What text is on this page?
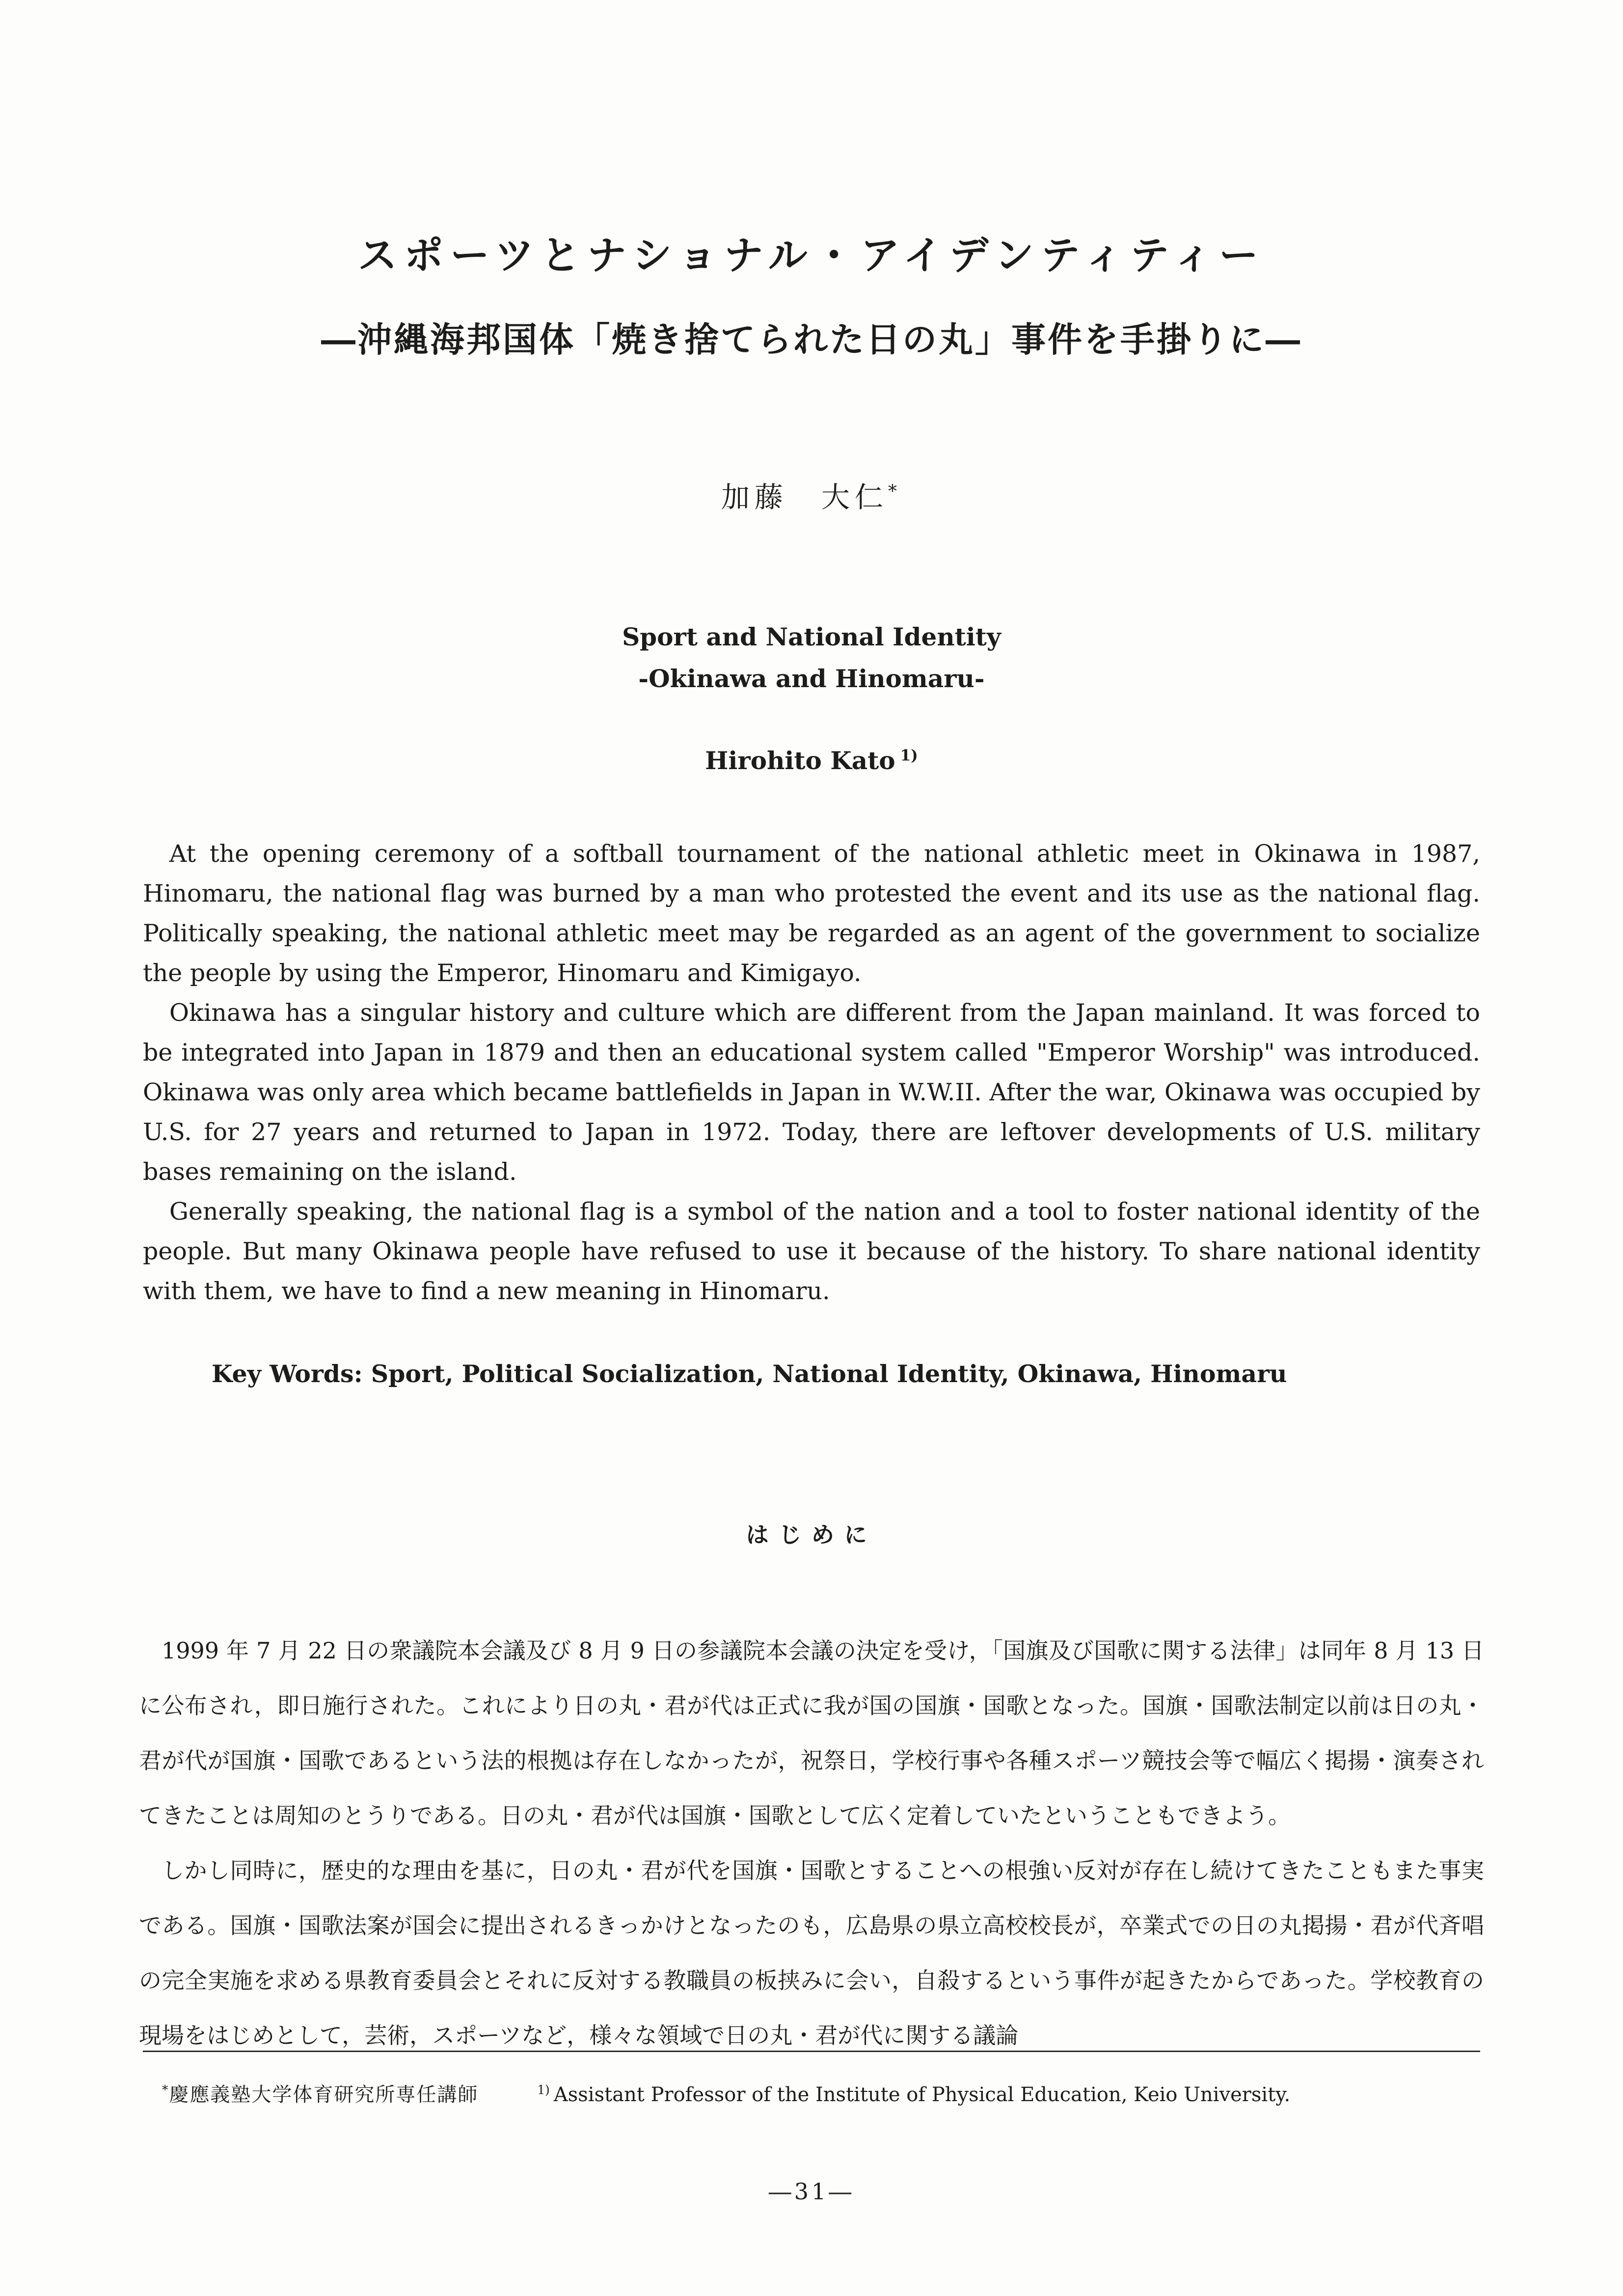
スポーツとナショナル・アイデンティティー
―沖縄海邦国体「焼き捨てられた日の丸」事件を手掛りに―
加藤　大仁*
Sport and National Identity
-Okinawa and Hinomaru-
Hirohito Kato  $^{1)}$

At the opening ceremony of a softball tournament of the national athletic meet in Okinawa in 1987, Hinomaru, the national flag was burned by a man who protested the event and its use as the national flag. Politically speaking, the national athletic meet may be regarded as an agent of the government to socialize the people by using the Emperor, Hinomaru and Kimigayo.

Okinawa has a singular history and culture which are different from the Japan mainland. It was forced to be integrated into Japan in 1879 and then an educational system called "Emperor Worship" was introduced. Okinawa was only area which became battlefields in Japan in W.W.II. After the war, Okinawa was occupied by U.S. for 27 years and returned to Japan in 1972. Today, there are leftover developments of U.S. military bases remaining on the island.

Generally speaking, the national flag is a symbol of the nation and a tool to foster national identity of the people. But many Okinawa people have refused to use it because of the history. To share national identity with them, we have to find a new meaning in Hinomaru.

Key Words: Sport, Political Socialization, National Identity, Okinawa, Hinomaru
はじめに

1999 年 7 月 22 日の衆議院本会議及び 8 月 9 日の参議院本会議の決定を受け，「国旗及び国歌に関する法律」は同年 8 月 13 日に公布され，即日施行された。これにより日の丸・君が代は正式に我が国の国旗・国歌となった。国旗・国歌法制定以前は日の丸・君が代が国旗・国歌であるという法的根拠は存在しなかったが，祝祭日，学校行事や各種スポーツ競技会等で幅広く掲揚・演奏されてきたことは周知のとうりである。日の丸・君が代は国旗・国歌として広く定着していたということもできよう。

しかし同時に，歴史的な理由を基に，日の丸・君が代を国旗・国歌とすることへの根強い反対が存在し続けてきたこともまた事実である。国旗・国歌法案が国会に提出されるきっかけとなったのも，広島県の県立高校校長が，卒業式での日の丸掲揚・君が代斉唱の完全実施を求める県教育委員会とそれに反対する教職員の板挟みに会い，自殺するという事件が起きたからであった。学校教育の現場をはじめとして，芸術，スポーツなど，様々な領域で日の丸・君が代に関する議論

*慶應義塾大学体育研究所専任講師	$^{1)}$  Assistant Professor of the Institute of Physical Education, Keio University.
―31―
